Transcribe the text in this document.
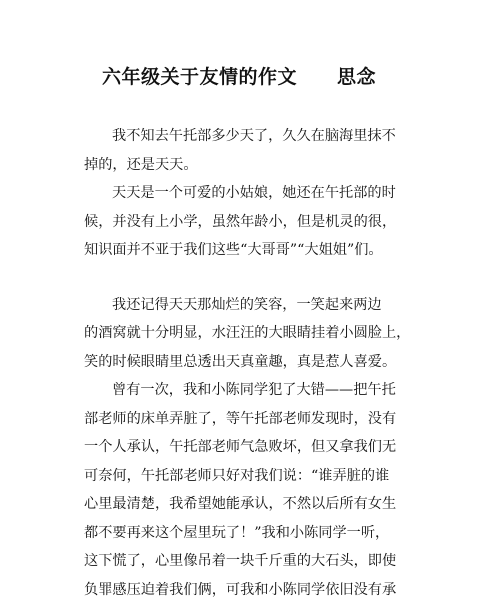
六年级关于友情的作文 思念
我不知去午托部多少天了，久久在脑海里抹不
掉的，还是天天。
天天是一个可爱的小姑娘，她还在午托部的时
候，并没有上小学，虽然年龄小，但是机灵的很，
知识面并不亚于我们这些“大哥哥”“大姐姐”们。
我还记得天天那灿烂的笑容，一笑起来两边
的酒窝就十分明显，水汪汪的大眼睛挂着小圆脸上，
笑的时候眼睛里总透出天真童趣，真是惹人喜爱。
曾有一次，我和小陈同学犯了大错——把午托
部老师的床单弄脏了，等午托部老师发现时，没有
一个人承认，午托部老师气急败坏，但又拿我们无
可奈何，午托部老师只好对我们说：“谁弄脏的谁
心里最清楚，我希望她能承认，不然以后所有女生
都不要再来这个屋里玩了！”我和小陈同学一听，
这下慌了，心里像吊着一块千斤重的大石头，即使
负罪感压迫着我们俩，可我和小陈同学依旧没有承
